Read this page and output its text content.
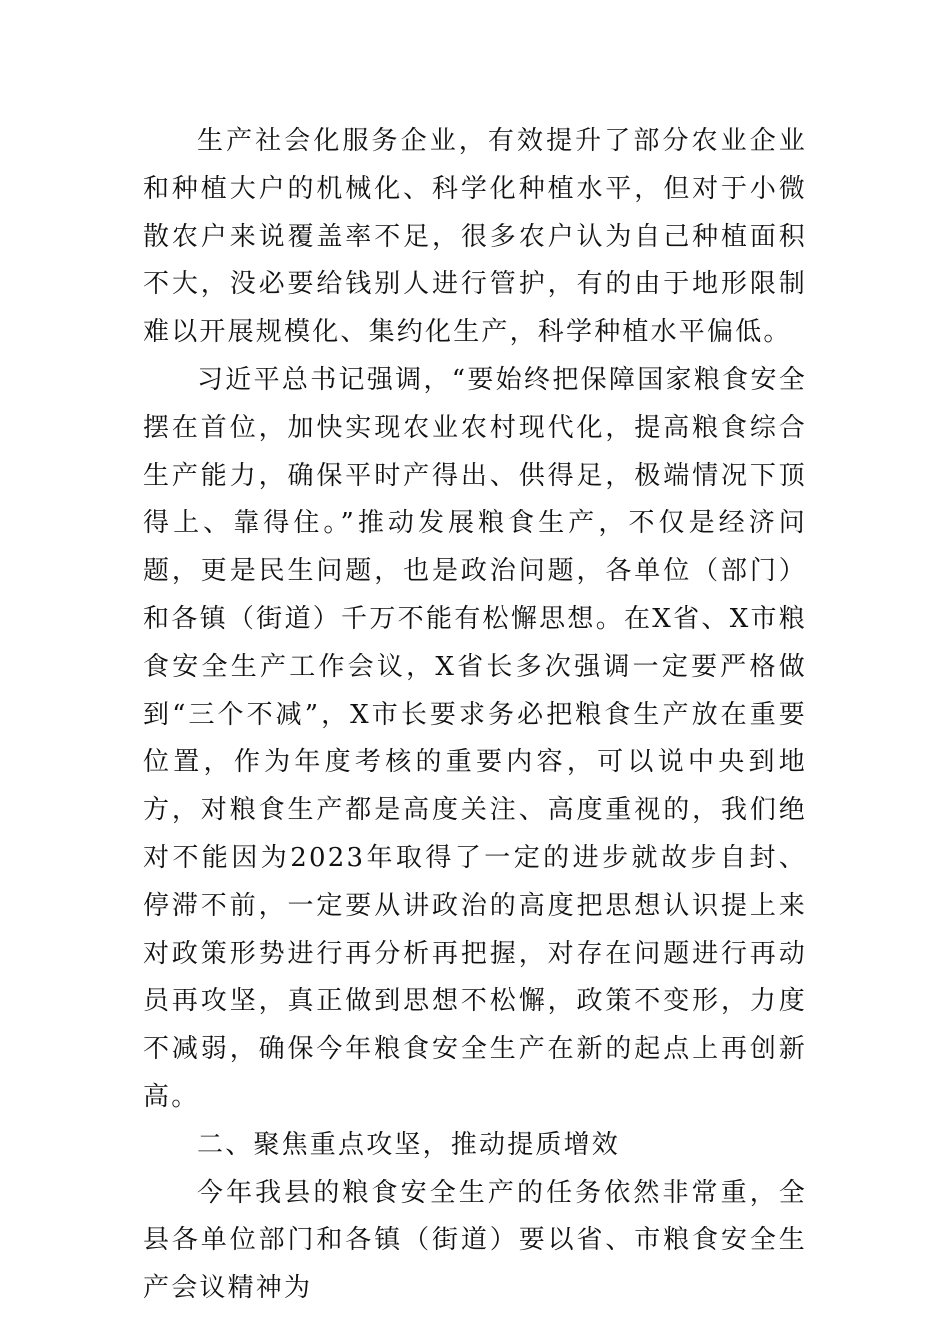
生产社会化服务企业，有效提升了部分农业企业和种植大户的机械化、科学化种植水平，但对于小微散农户来说覆盖率不足，很多农户认为自己种植面积不大，没必要给钱别人进行管护，有的由于地形限制难以开展规模化、集约化生产，科学种植水平偏低。

习近平总书记强调，“要始终把保障国家粮食安全摆在首位，加快实现农业农村现代化，提高粮食综合生产能力，确保平时产得出、供得足，极端情况下顶得上、靠得住。”推动发展粮食生产，不仅是经济问题，更是民生问题，也是政治问题，各单位（部门）和各镇（街道）千万不能有松懈思想。在X省、X市粮食安全生产工作会议，X省长多次强调一定要严格做到“三个不减”，X市长要求务必把粮食生产放在重要位置，作为年度考核的重要内容，可以说中央到地方，对粮食生产都是高度关注、高度重视的，我们绝对不能因为2023年取得了一定的进步就故步自封、停滞不前，一定要从讲政治的高度把思想认识提上来对政策形势进行再分析再把握，对存在问题进行再动员再攻坚，真正做到思想不松懈，政策不变形，力度不减弱，确保今年粮食安全生产在新的起点上再创新高。

二、聚焦重点攻坚，推动提质增效

今年我县的粮食安全生产的任务依然非常重，全县各单位部门和各镇（街道）要以省、市粮食安全生产会议精神为
